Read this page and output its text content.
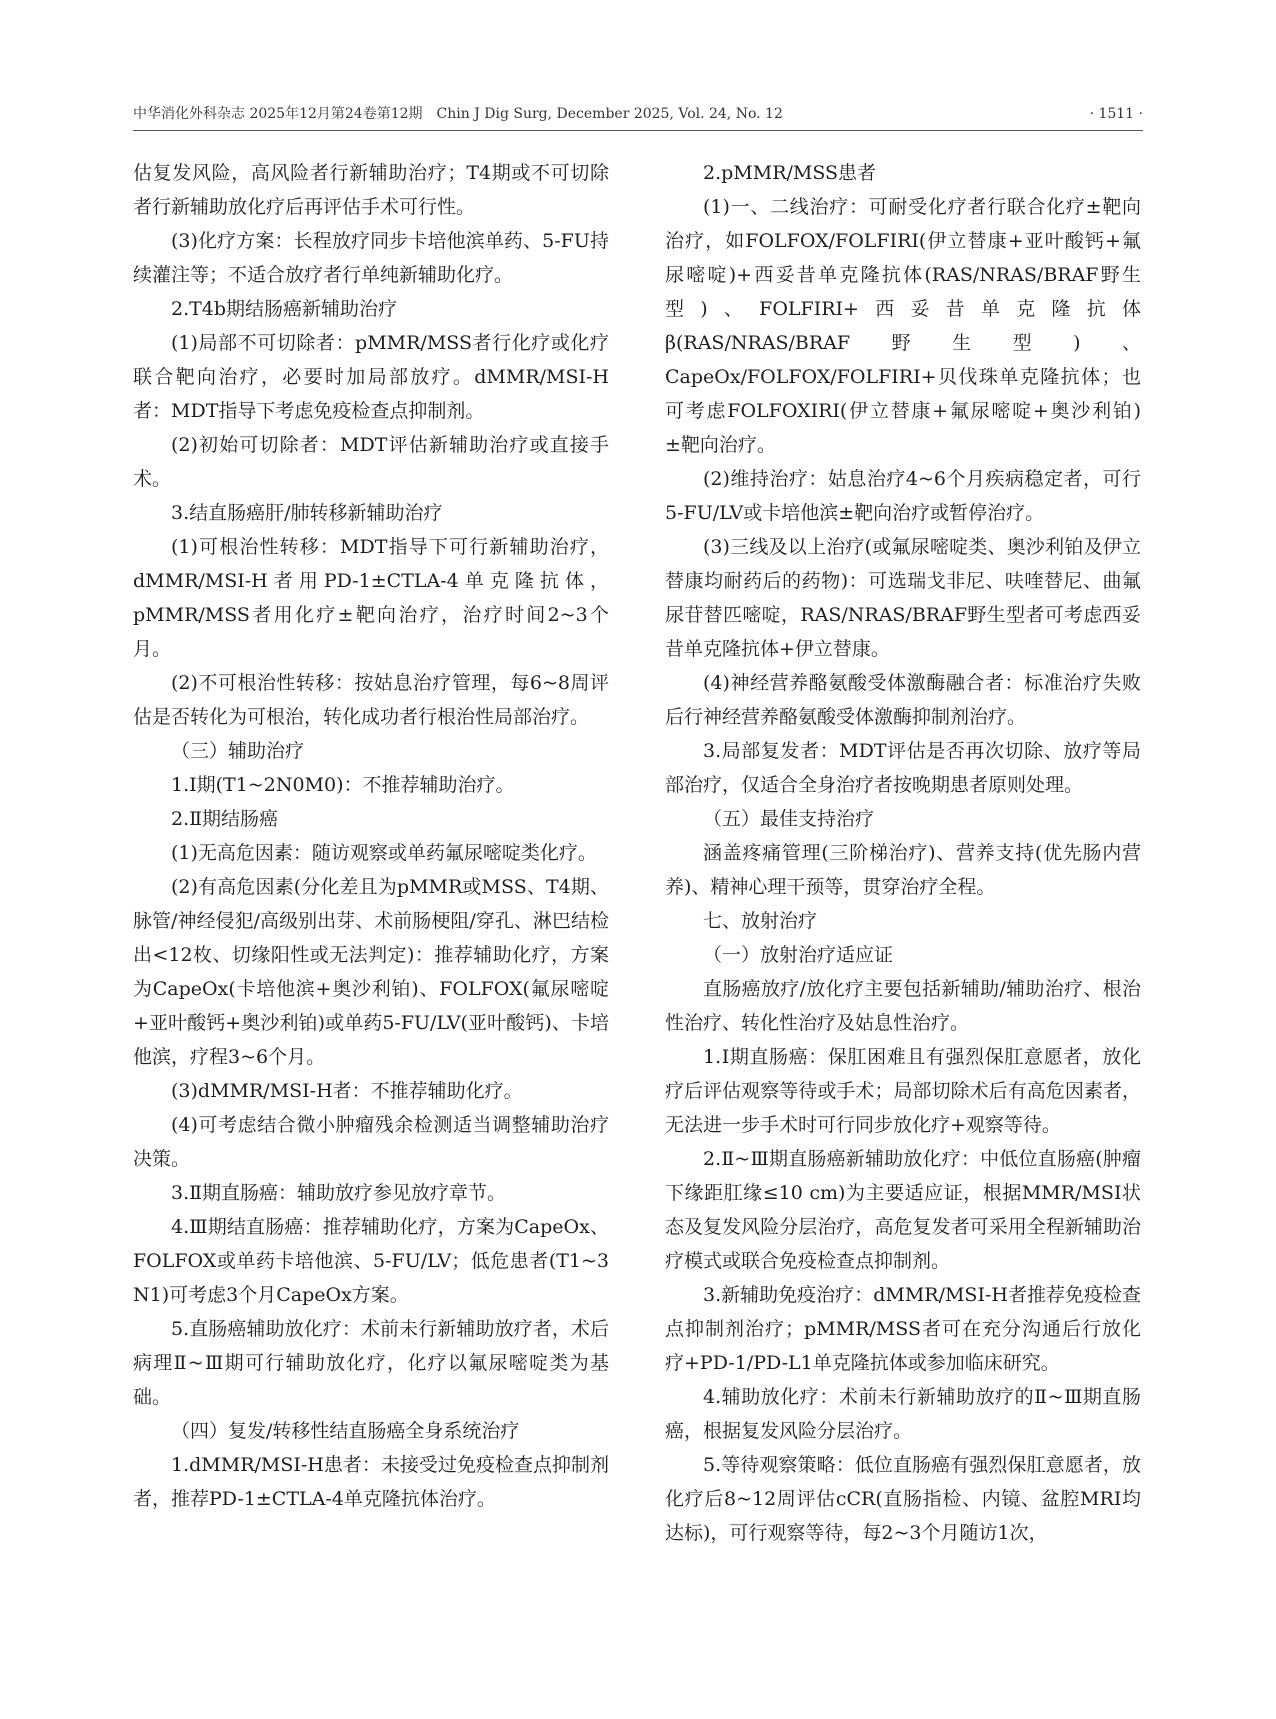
中华消化外科杂志 2025年12月第24卷第12期　Chin J Dig Surg, December 2025, Vol. 24, No. 12	· 1511 ·

估复发风险，高风险者行新辅助治疗；T4期或不可切除者行新辅助放化疗后再评估手术可行性。

(3)化疗方案：长程放疗同步卡培他滨单药、5-FU持续灌注等；不适合放疗者行单纯新辅助化疗。

2.T4b期结肠癌新辅助治疗

(1)局部不可切除者：pMMR/MSS者行化疗或化疗联合靶向治疗，必要时加局部放疗。dMMR/MSI-H者：MDT指导下考虑免疫检查点抑制剂。

(2)初始可切除者：MDT评估新辅助治疗或直接手术。

3.结直肠癌肝/肺转移新辅助治疗

(1)可根治性转移：MDT指导下可行新辅助治疗，dMMR/MSI-H者用PD-1±CTLA-4单克隆抗体，pMMR/MSS者用化疗±靶向治疗，治疗时间2~3个月。

(2)不可根治性转移：按姑息治疗管理，每6~8周评估是否转化为可根治，转化成功者行根治性局部治疗。

（三）辅助治疗

1.Ⅰ期(T1~2N0M0)：不推荐辅助治疗。

2.Ⅱ期结肠癌

(1)无高危因素：随访观察或单药氟尿嘧啶类化疗。

(2)有高危因素(分化差且为pMMR或MSS、T4期、脉管/神经侵犯/高级别出芽、术前肠梗阻/穿孔、淋巴结检出<12枚、切缘阳性或无法判定)：推荐辅助化疗，方案为CapeOx(卡培他滨+奥沙利铂)、FOLFOX(氟尿嘧啶+亚叶酸钙+奥沙利铂)或单药5-FU/LV(亚叶酸钙)、卡培他滨，疗程3~6个月。

(3)dMMR/MSI-H者：不推荐辅助化疗。

(4)可考虑结合微小肿瘤残余检测适当调整辅助治疗决策。

3.Ⅱ期直肠癌：辅助放疗参见放疗章节。

4.Ⅲ期结直肠癌：推荐辅助化疗，方案为CapeOx、FOLFOX或单药卡培他滨、5-FU/LV；低危患者(T1~3 N1)可考虑3个月CapeOx方案。

5.直肠癌辅助放化疗：术前未行新辅助放疗者，术后病理Ⅱ~Ⅲ期可行辅助放化疗，化疗以氟尿嘧啶类为基础。

（四）复发/转移性结直肠癌全身系统治疗

1.dMMR/MSI-H患者：未接受过免疫检查点抑制剂者，推荐PD-1±CTLA-4单克隆抗体治疗。

2.pMMR/MSS患者

(1)一、二线治疗：可耐受化疗者行联合化疗±靶向治疗，如FOLFOX/FOLFIRI(伊立替康+亚叶酸钙+氟尿嘧啶)+西妥昔单克隆抗体(RAS/NRAS/BRAF野生型)、FOLFIRI+西妥昔单克隆抗体β(RAS/NRAS/BRAF野生型)、CapeOx/FOLFOX/FOLFIRI+贝伐珠单克隆抗体；也可考虑FOLFOXIRI(伊立替康+氟尿嘧啶+奥沙利铂)±靶向治疗。

(2)维持治疗：姑息治疗4~6个月疾病稳定者，可行5-FU/LV或卡培他滨±靶向治疗或暂停治疗。

(3)三线及以上治疗(或氟尿嘧啶类、奥沙利铂及伊立替康均耐药后的药物)：可选瑞戈非尼、呋喹替尼、曲氟尿苷替匹嘧啶，RAS/NRAS/BRAF野生型者可考虑西妥昔单克隆抗体+伊立替康。

(4)神经营养酪氨酸受体激酶融合者：标准治疗失败后行神经营养酪氨酸受体激酶抑制剂治疗。

3.局部复发者：MDT评估是否再次切除、放疗等局部治疗，仅适合全身治疗者按晚期患者原则处理。

（五）最佳支持治疗

涵盖疼痛管理(三阶梯治疗)、营养支持(优先肠内营养)、精神心理干预等，贯穿治疗全程。

七、放射治疗

（一）放射治疗适应证

直肠癌放疗/放化疗主要包括新辅助/辅助治疗、根治性治疗、转化性治疗及姑息性治疗。

1.Ⅰ期直肠癌：保肛困难且有强烈保肛意愿者，放化疗后评估观察等待或手术；局部切除术后有高危因素者，无法进一步手术时可行同步放化疗+观察等待。

2.Ⅱ~Ⅲ期直肠癌新辅助放化疗：中低位直肠癌(肿瘤下缘距肛缘≤10 cm)为主要适应证，根据MMR/MSI状态及复发风险分层治疗，高危复发者可采用全程新辅助治疗模式或联合免疫检查点抑制剂。

3.新辅助免疫治疗：dMMR/MSI-H者推荐免疫检查点抑制剂治疗；pMMR/MSS者可在充分沟通后行放化疗+PD-1/PD-L1单克隆抗体或参加临床研究。

4.辅助放化疗：术前未行新辅助放疗的Ⅱ~Ⅲ期直肠癌，根据复发风险分层治疗。

5.等待观察策略：低位直肠癌有强烈保肛意愿者，放化疗后8~12周评估cCR(直肠指检、内镜、盆腔MRI均达标)，可行观察等待，每2~3个月随访1次，
